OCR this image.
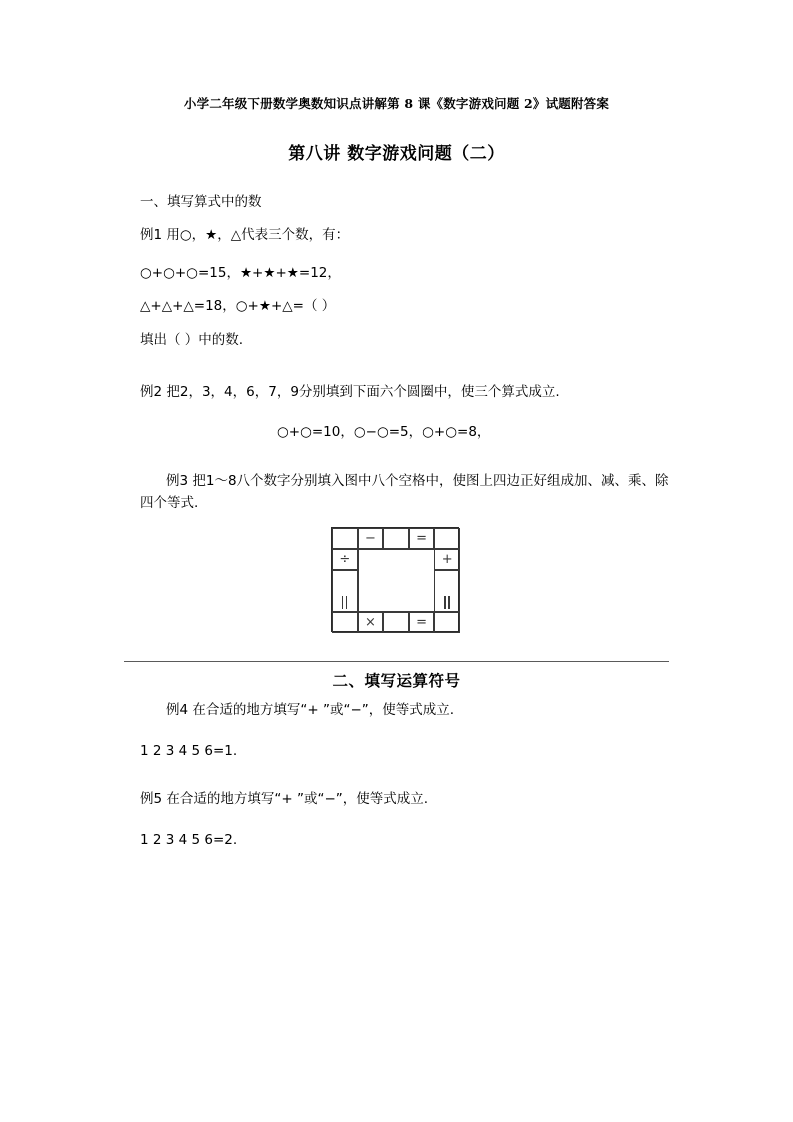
小学二年级下册数学奥数知识点讲解第 8 课《数字游戏问题 2》试题附答案
第八讲 数字游戏问题（二）
一、填写算式中的数
例1 用○，★，△代表三个数，有：
○+○+○=15，★+★+★=12，
△+△+△=18，○+★+△=（ ）
填出（ ）中的数.
例2 把2，3，4，6，7，9分别填到下面六个圆圈中，使三个算式成立.
○+○=10，○−○=5，○+○=8，
例3 把1～8八个数字分别填入图中八个空格中，使图上四边正好组成加、减、乘、除四个等式.
−	=
÷	+
×	=
二、填写运算符号
例4 在合适的地方填写“+ ”或“−”，使等式成立.
1 2 3 4 5 6=1.
例5 在合适的地方填写“+ ”或“−”，使等式成立.
1 2 3 4 5 6=2.
